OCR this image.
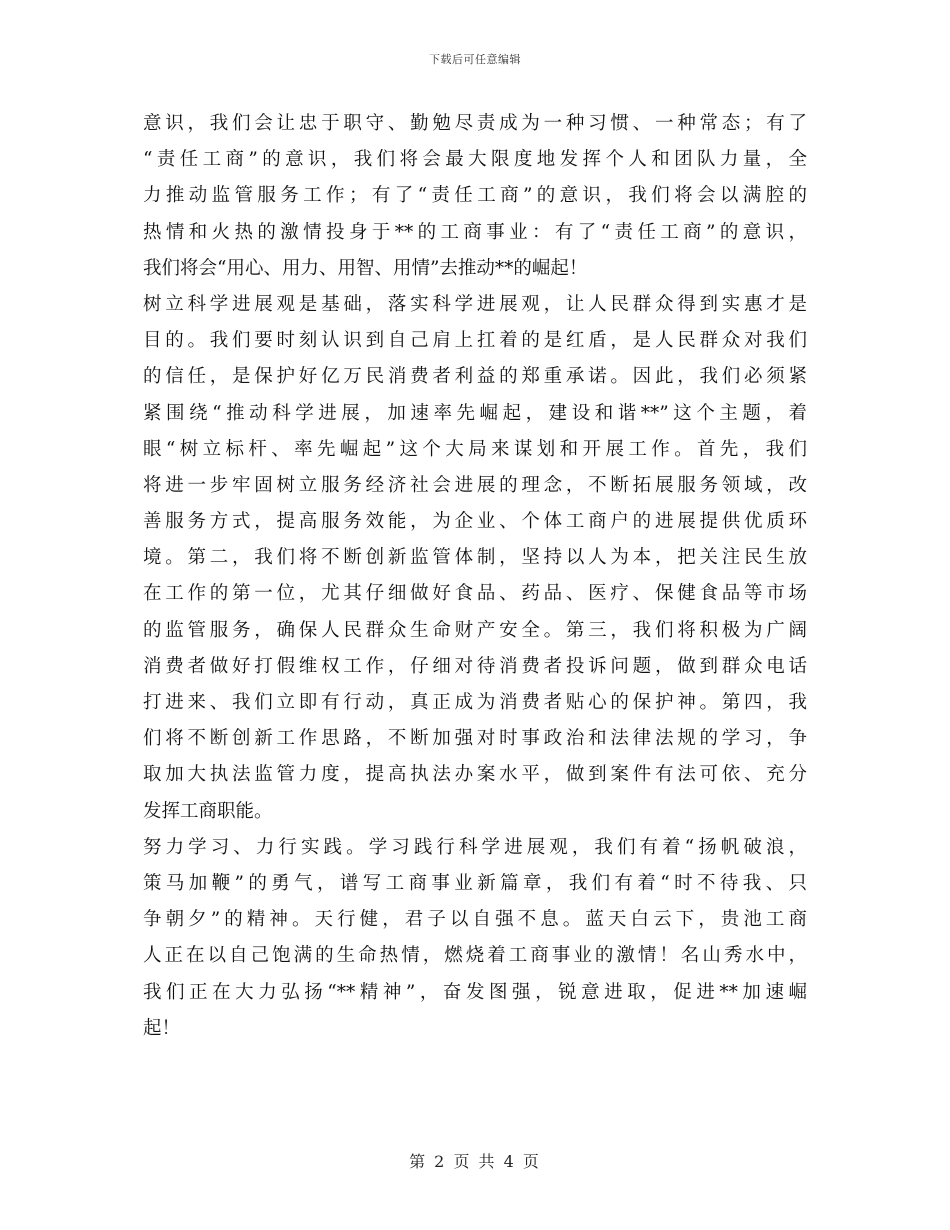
下载后可任意编辑
意识，我们会让忠于职守、勤勉尽责成为一种习惯、一种常态；有了
“责任工商”的意识，我们将会最大限度地发挥个人和团队力量，全
力推动监管服务工作；有了“责任工商”的意识，我们将会以满腔的
热情和火热的激情投身于**的工商事业：有了“责任工商”的意识，
我们将会“用心、用力、用智、用情”去推动**的崛起！
树立科学进展观是基础，落实科学进展观，让人民群众得到实惠才是
目的。我们要时刻认识到自己肩上扛着的是红盾，是人民群众对我们
的信任，是保护好亿万民消费者利益的郑重承诺。因此，我们必须紧
紧围绕“推动科学进展，加速率先崛起，建设和谐**”这个主题，着
眼“树立标杆、率先崛起”这个大局来谋划和开展工作。首先，我们
将进一步牢固树立服务经济社会进展的理念，不断拓展服务领域，改
善服务方式，提高服务效能，为企业、个体工商户的进展提供优质环
境。第二，我们将不断创新监管体制，坚持以人为本，把关注民生放
在工作的第一位，尤其仔细做好食品、药品、医疗、保健食品等市场
的监管服务，确保人民群众生命财产安全。第三，我们将积极为广阔
消费者做好打假维权工作，仔细对待消费者投诉问题，做到群众电话
打进来、我们立即有行动，真正成为消费者贴心的保护神。第四，我
们将不断创新工作思路，不断加强对时事政治和法律法规的学习，争
取加大执法监管力度，提高执法办案水平，做到案件有法可依、充分
发挥工商职能。
努力学习、力行实践。学习践行科学进展观，我们有着“扬帆破浪，
策马加鞭”的勇气，谱写工商事业新篇章，我们有着“时不待我、只
争朝夕”的精神。天行健，君子以自强不息。蓝天白云下，贵池工商
人正在以自己饱满的生命热情，燃烧着工商事业的激情！名山秀水中，
我们正在大力弘扬“**精神”，奋发图强，锐意进取，促进**加速崛
起！
第 2 页 共 4 页
